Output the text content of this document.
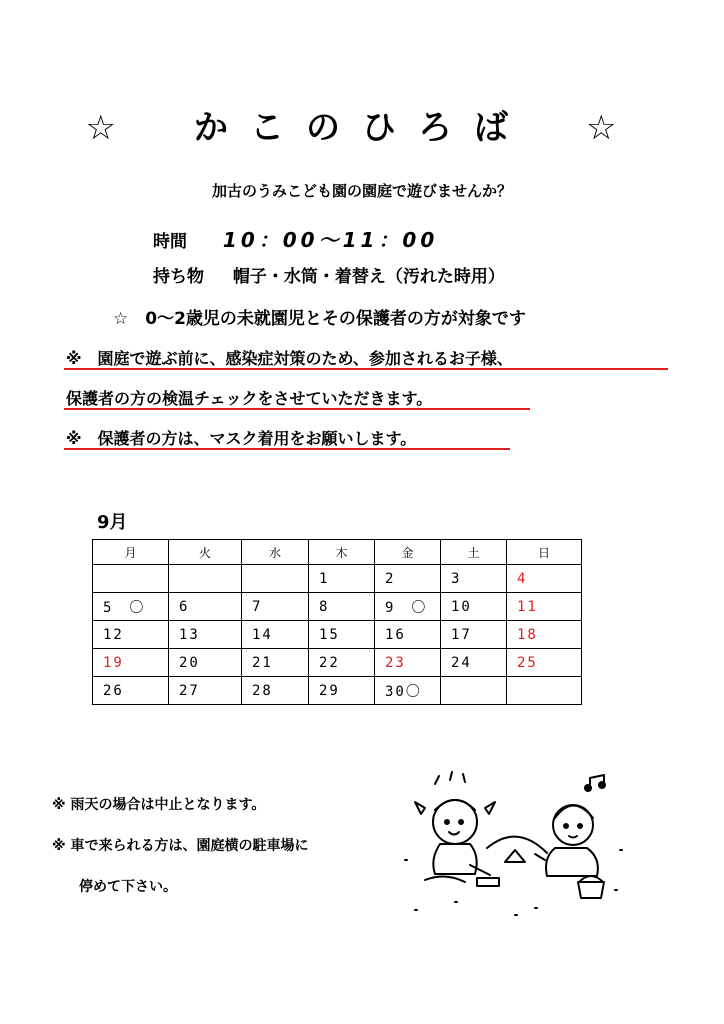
☆　かこのひろば　☆
加古のうみこども園の園庭で遊びませんか？
時間 10：00～11：00
持ち物 　 帽子・水筒・着替え（汚れた時用）
☆　0～2歳児の未就園児とその保護者の方が対象です
※　園庭で遊ぶ前に、感染症対策のため、参加されるお子様、
保護者の方の検温チェックをさせていただきます。
※　保護者の方は、マスク着用をお願いします。
9月
月	火	水	木	金	土	日
			1	2	3	4
5　〇	6	7	8	9　〇	10	11
12	13	14	15	16	17	18
19	20	21	22	23	24	25
26	27	28	29	30〇		
※ 雨天の場合は中止となります。
※ 車で来られる方は、園庭横の駐車場に
停めて下さい。
